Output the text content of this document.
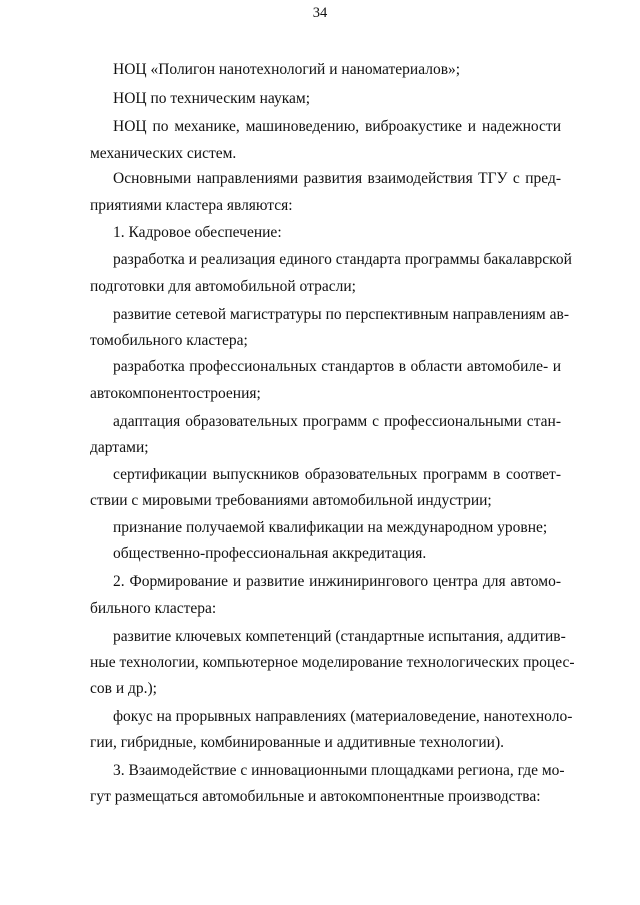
34
НОЦ «Полигон нанотехнологий и наноматериалов»;
НОЦ по техническим наукам;
НОЦ по механике, машиноведению, виброакустике и надежности
механических систем.
Основными направлениями развития взаимодействия ТГУ с пред-
приятиями кластера являются:
1. Кадровое обеспечение:
разработка и реализация единого стандарта программы бакалаврской
подготовки для автомобильной отрасли;
развитие сетевой магистратуры по перспективным направлениям ав-
томобильного кластера;
разработка профессиональных стандартов в области автомобиле- и
автокомпонентостроения;
адаптация образовательных программ с профессиональными стан-
дартами;
сертификации выпускников образовательных программ в соответ-
ствии с мировыми требованиями автомобильной индустрии;
признание получаемой квалификации на международном уровне;
общественно-профессиональная аккредитация.
2. Формирование и развитие инжинирингового центра для автомо-
бильного кластера:
развитие ключевых компетенций (стандартные испытания, аддитив-
ные технологии, компьютерное моделирование технологических процес-
сов и др.);
фокус на прорывных направлениях (материаловедение, нанотехноло-
гии, гибридные, комбинированные и аддитивные технологии).
3. Взаимодействие с инновационными площадками региона, где мо-
гут размещаться автомобильные и автокомпонентные производства:
